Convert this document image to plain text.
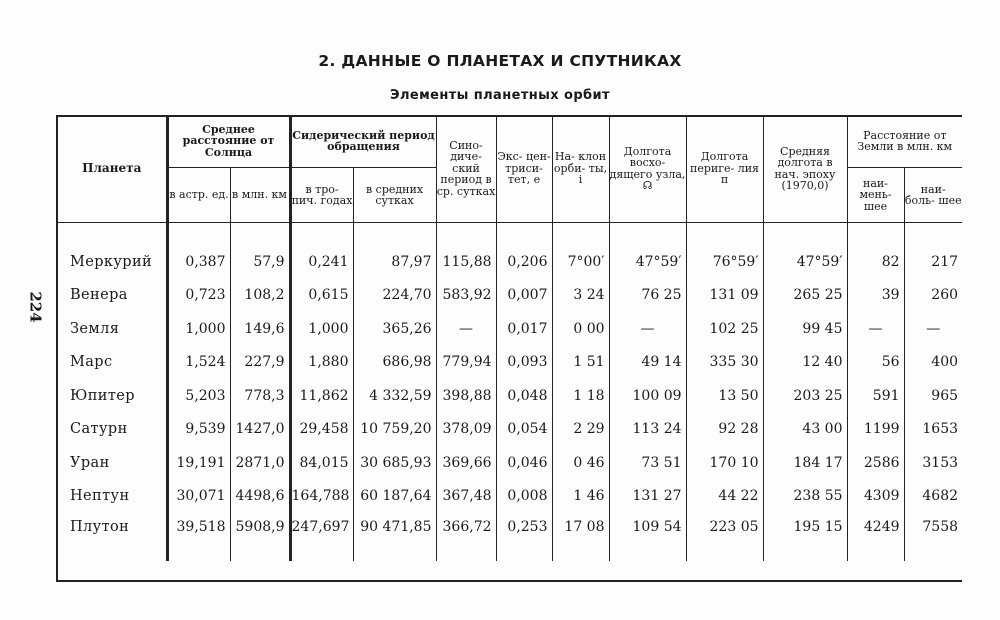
224
2. ДАННЫЕ О ПЛАНЕТАХ И СПУТНИКАХ
Элементы планетных орбит
Планета	Среднее расстояние от Солнца		Сидерический период обращения		Сино- диче- ский период в ср. сутках	Экс- цен- триси- тет, e	На- клон орби- ты, i	Долгота восхо- дящего узла, ☊	Долгота периге- лия π	Средняя долгота в нач. эпоху (1970,0)	Расстояние от Земли в млн. км	
	в астр. ед.	в млн. км	в тро- пич. годах	в средних сутках							наи- мень- шее	наи- боль- шее

Меркурий	0,387	57,9	0,241	87,97	115,88	0,206	7°00′	47°59′	76°59′	47°59′	82	217
Венера	0,723	108,2	0,615	224,70	583,92	0,007	3 24	76 25	131 09	265 25	39	260
Земля	1,000	149,6	1,000	365,26	—	0,017	0 00	—	102 25	99 45	—	—
Марс	1,524	227,9	1,880	686,98	779,94	0,093	1 51	49 14	335 30	12 40	56	400
Юпитер	5,203	778,3	11,862	4 332,59	398,88	0,048	1 18	100 09	13 50	203 25	591	965
Сатурн	9,539	1427,0	29,458	10 759,20	378,09	0,054	2 29	113 24	92 28	43 00	1199	1653
Уран	19,191	2871,0	84,015	30 685,93	369,66	0,046	0 46	73 51	170 10	184 17	2586	3153
Нептун	30,071	4498,6	164,788	60 187,64	367,48	0,008	1 46	131 27	44 22	238 55	4309	4682
Плутон	39,518	5908,9	247,697	90 471,85	366,72	0,253	17 08	109 54	223 05	195 15	4249	7558
